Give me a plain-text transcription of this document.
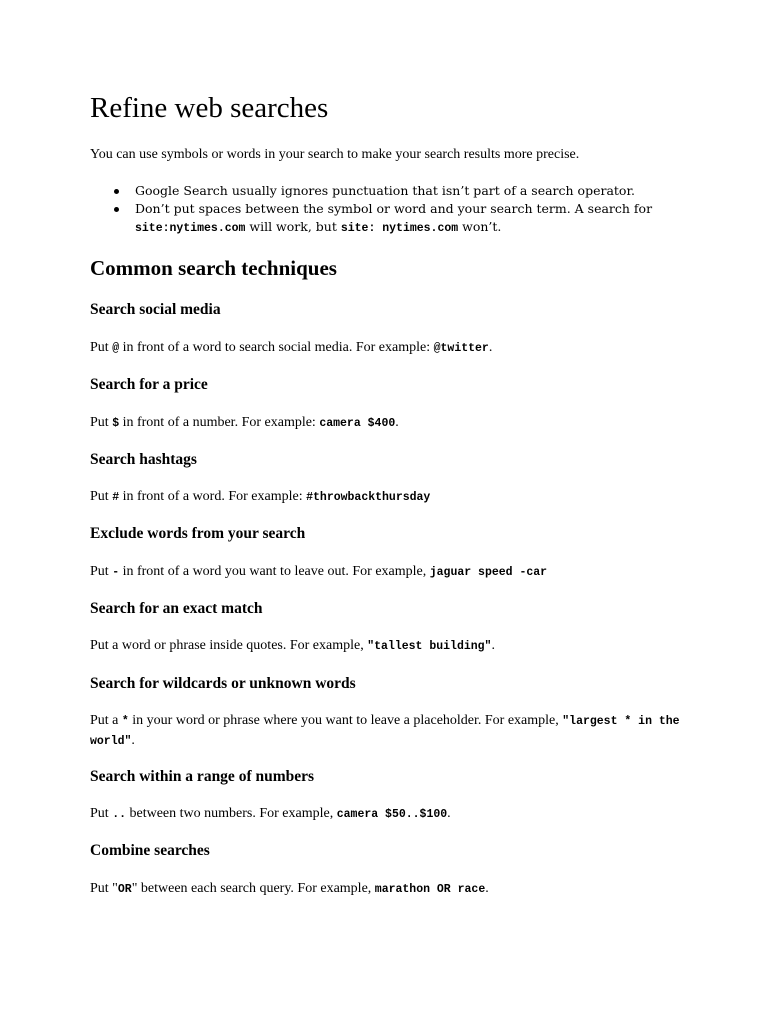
Refine web searches

You can use symbols or words in your search to make your search results more precise.

Google Search usually ignores punctuation that isn’t part of a search operator.
Don’t put spaces between the symbol or word and your search term. A search for
site:nytimes.com will work, but site: nytimes.com won’t.
Common search techniques
Search social media

Put @ in front of a word to search social media. For example: @twitter.

Search for a price

Put $ in front of a number. For example: camera $400.

Search hashtags

Put # in front of a word. For example: #throwbackthursday

Exclude words from your search

Put - in front of a word you want to leave out. For example, jaguar speed -car

Search for an exact match

Put a word or phrase inside quotes. For example, "tallest building".

Search for wildcards or unknown words

Put a * in your word or phrase where you want to leave a placeholder. For example, "largest * in the world".

Search within a range of numbers

Put .. between two numbers. For example, camera $50..$100.

Combine searches

Put "OR" between each search query. For example, marathon OR race.
